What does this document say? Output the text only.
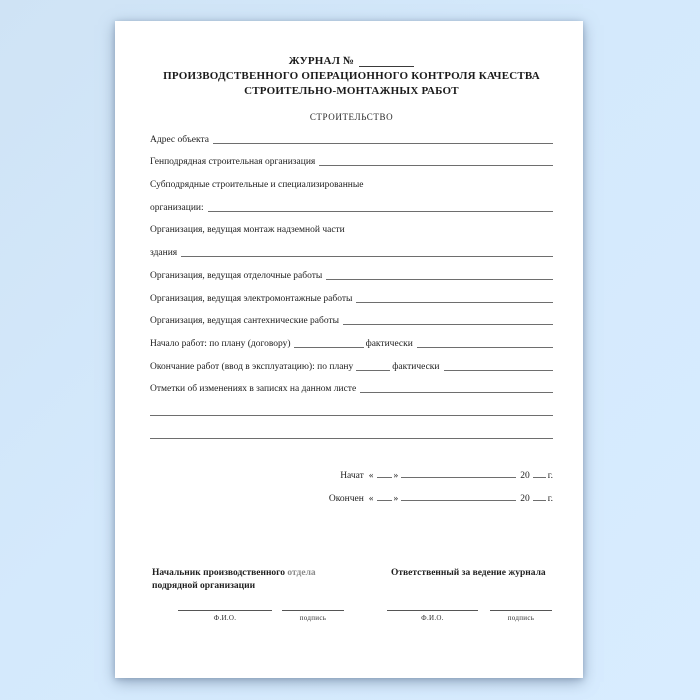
ЖУРНАЛ №
ПРОИЗВОДСТВЕННОГО ОПЕРАЦИОННОГО КОНТРОЛЯ КАЧЕСТВА
СТРОИТЕЛЬНО-МОНТАЖНЫХ РАБОТ
СТРОИТЕЛЬСТВО
Адрес объекта
Генподрядная строительная организация
Субподрядные строительные и специализированные
организации:
Организация, ведущая монтаж надземной части
здания
Организация, ведущая отделочные работы
Организация, ведущая электромонтажные работы
Организация, ведущая сантехнические работы
Начало работ: по плану (договору)	фактически
Окончание работ (ввод в эксплуатацию): по плану	фактически
Отметки об изменениях в записях на данном листе
Начат « »	20 г.
Окончен « »	20 г.
Начальник производственного отдела
подрядной организации
Ответственный за ведение журнала
Ф.И.О.	подпись	Ф.И.О.	подпись
